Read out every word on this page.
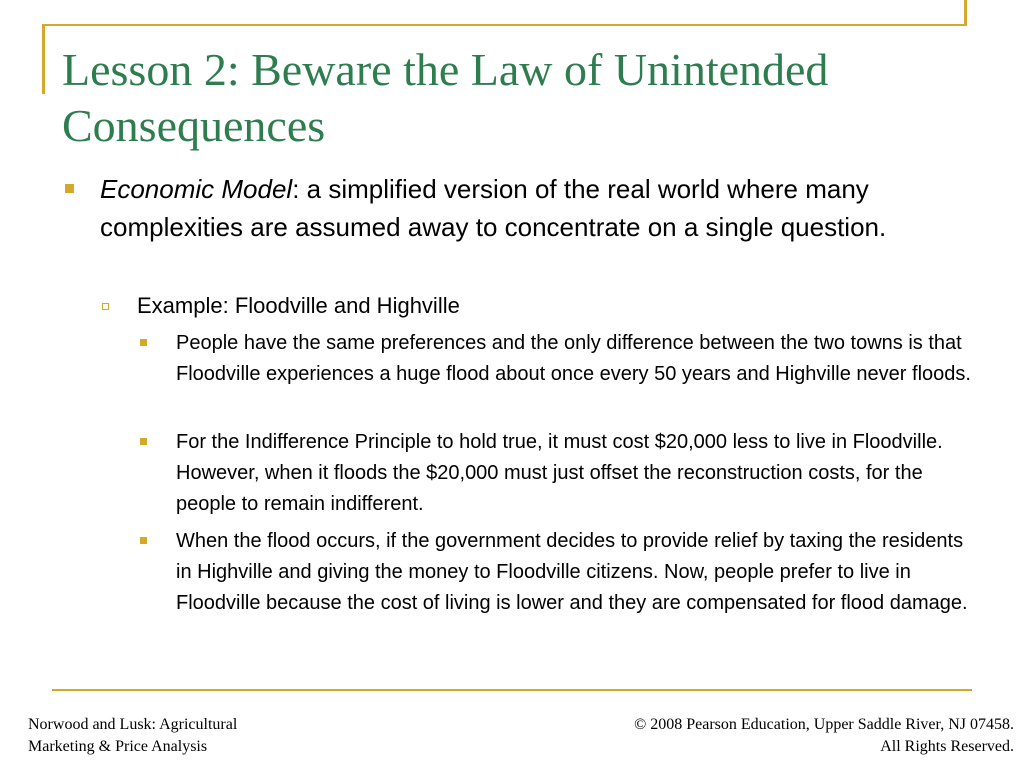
Lesson 2: Beware the Law of Unintended Consequences
Economic Model: a simplified version of the real world where many complexities are assumed away to concentrate on a single question.
Example: Floodville and Highville
People have the same preferences and the only difference between the two towns is that Floodville experiences a huge flood about once every 50 years and Highville never floods.
For the Indifference Principle to hold true, it must cost $20,000 less to live in Floodville. However, when it floods the $20,000 must just offset the reconstruction costs, for the people to remain indifferent.
When the flood occurs, if the government decides to provide relief by taxing the residents in Highville and giving the money to Floodville citizens. Now, people prefer to live in Floodville because the cost of living is lower and they are compensated for flood damage.
Norwood and Lusk: Agricultural
Marketing & Price Analysis
© 2008 Pearson Education, Upper Saddle River, NJ 07458.
All Rights Reserved.
